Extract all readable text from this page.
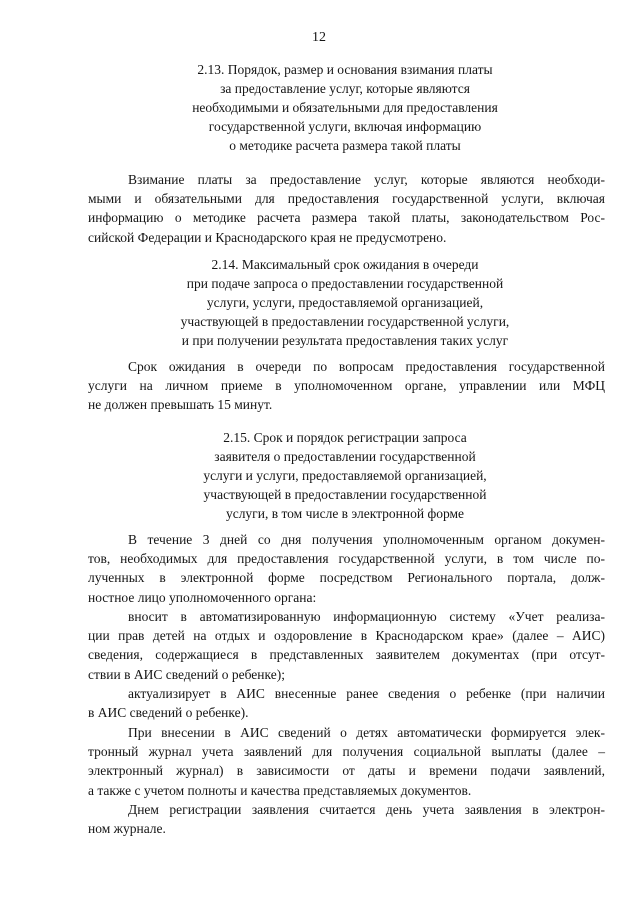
12
2.13. Порядок, размер и основания взимания платы
за предоставление услуг, которые являются
необходимыми и обязательными для предоставления
государственной услуги, включая информацию
о методике расчета размера такой платы
Взимание платы за предоставление услуг, которые являются необходи-
мыми и обязательными для предоставления государственной услуги, включая
информацию о методике расчета размера такой платы, законодательством Рос-
сийской Федерации и Краснодарского края не предусмотрено.
2.14. Максимальный срок ожидания в очереди
при подаче запроса о предоставлении государственной
услуги, услуги, предоставляемой организацией,
участвующей в предоставлении государственной услуги,
и при получении результата предоставления таких услуг
Срок ожидания в очереди по вопросам предоставления государственной
услуги на личном приеме в уполномоченном органе, управлении или МФЦ
не должен превышать 15 минут.
2.15. Срок и порядок регистрации запроса
заявителя о предоставлении государственной
услуги и услуги, предоставляемой организацией,
участвующей в предоставлении государственной
услуги, в том числе в электронной форме
В течение 3 дней со дня получения уполномоченным органом докумен-
тов, необходимых для предоставления государственной услуги, в том числе по-
лученных в электронной форме посредством Регионального портала, долж-
ностное лицо уполномоченного органа:
вносит в автоматизированную информационную систему «Учет реализа-
ции прав детей на отдых и оздоровление в Краснодарском крае» (далее – АИС)
сведения, содержащиеся в представленных заявителем документах (при отсут-
ствии в АИС сведений о ребенке);
актуализирует в АИС внесенные ранее сведения о ребенке (при наличии
в АИС сведений о ребенке).
При внесении в АИС сведений о детях автоматически формируется элек-
тронный журнал учета заявлений для получения социальной выплаты (далее –
электронный журнал) в зависимости от даты и времени подачи заявлений,
а также с учетом полноты и качества представляемых документов.
Днем регистрации заявления считается день учета заявления в электрон-
ном журнале.
